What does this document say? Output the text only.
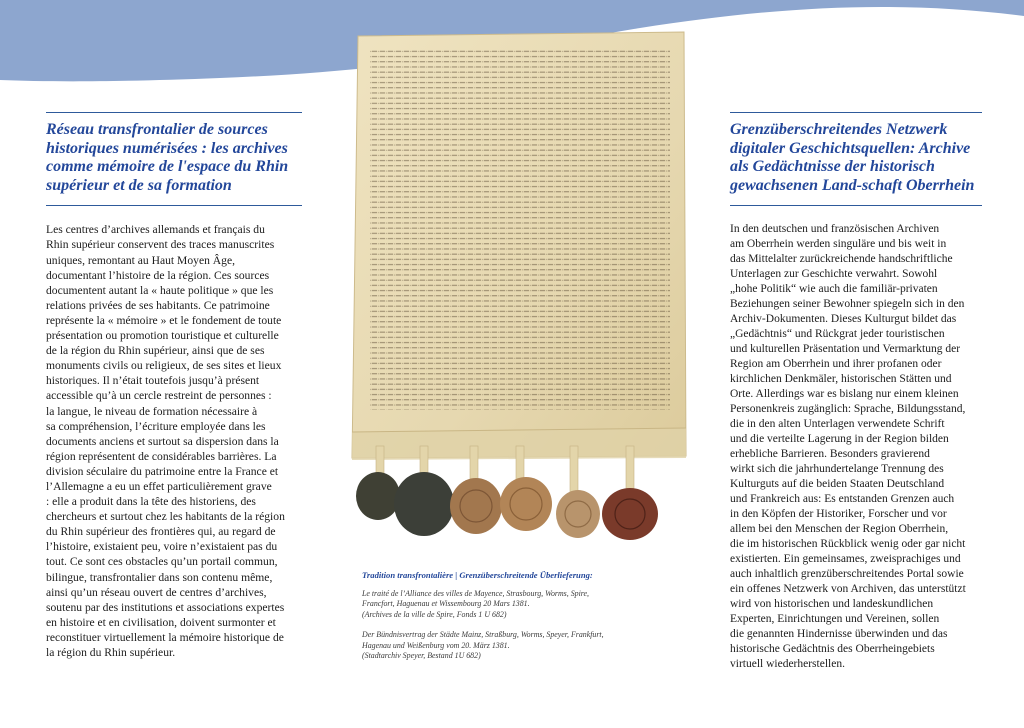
Réseau transfrontalier de sources historiques numérisées : les archives comme mémoire de l'espace du Rhin supérieur et de sa formation
Les centres d’archives allemands et français du
Rhin supérieur conservent des traces manuscrites
uniques, remontant au Haut Moyen Âge,
documentant l’histoire de la région. Ces sources
documentent autant la « haute politique » que les
relations privées de ses habitants. Ce patrimoine
représente la « mémoire » et le fondement de toute
présentation ou promotion touristique et culturelle
de la région du Rhin supérieur, ainsi que de ses
monuments civils ou religieux, de ses sites et lieux
historiques. Il n’était toutefois jusqu’à présent
accessible qu’à un cercle restreint de personnes :
la langue, le niveau de formation nécessaire à
sa compréhension, l’écriture employée dans les
documents anciens et surtout sa dispersion dans la
région représentent de considérables barrières. La
division séculaire du patrimoine entre la France et
l’Allemagne a eu un effet particulièrement grave
: elle a produit dans la tête des historiens, des
chercheurs et surtout chez les habitants de la région
du Rhin supérieur des frontières qui, au regard de
l’histoire, existaient peu, voire n’existaient pas du
tout. Ce sont ces obstacles qu’un portail commun,
bilingue, transfrontalier dans son contenu même,
ainsi qu’un réseau ouvert de centres d’archives,
soutenu par des institutions et associations expertes
en histoire et en civilisation, doivent surmonter et
reconstituer virtuellement la mémoire historique de
la région du Rhin supérieur.
Tradition transfrontalière | Grenzüberschreitende Überlieferung:
Le traité de l’Alliance des villes de Mayence, Strasbourg, Worms, Spire,
Francfort, Haguenau et Wissembourg 20 Mars 1381.
(Archives de la ville de Spire, Fonds 1 U 682)
Der Bündnisvertrag der Städte Mainz, Straßburg, Worms, Speyer, Frankfurt,
Hagenau und Weißenburg vom 20. März 1381.
(Stadtarchiv Speyer, Bestand 1U 682)
Grenzüberschreitendes Netzwerk digitaler Geschichtsquellen: Archive als Gedächtnisse der historisch gewachsenen Land-schaft Oberrhein
In den deutschen und französischen Archiven
am Oberrhein werden singuläre und bis weit in
das Mittelalter zurückreichende handschriftliche
Unterlagen zur Geschichte verwahrt. Sowohl
„hohe Politik“ wie auch die familiär-privaten
Beziehungen seiner Bewohner spiegeln sich in den
Archiv-Dokumenten. Dieses Kulturgut bildet das
„Gedächtnis“ und Rückgrat jeder touristischen
und kulturellen Präsentation und Vermarktung der
Region am Oberrhein und ihrer profanen oder
kirchlichen Denkmäler, historischen Stätten und
Orte. Allerdings war es bislang nur einem kleinen
Personenkreis zugänglich: Sprache, Bildungsstand,
die in den alten Unterlagen verwendete Schrift
und die verteilte Lagerung in der Region bilden
erhebliche Barrieren. Besonders gravierend
wirkt sich die jahrhundertelange Trennung des
Kulturguts auf die beiden Staaten Deutschland
und Frankreich aus: Es entstanden Grenzen auch
in den Köpfen der Historiker, Forscher und vor
allem bei den Menschen der Region Oberrhein,
die im historischen Rückblick wenig oder gar nicht
existierten. Ein gemeinsames, zweisprachiges und
auch inhaltlich grenzüberschreitendes Portal sowie
ein offenes Netzwerk von Archiven, das unterstützt
wird von historischen und landeskundlichen
Experten, Einrichtungen und Vereinen, sollen
die genannten Hindernisse überwinden und das
historische Gedächtnis des Oberrheingebiets
virtuell wiederherstellen.
